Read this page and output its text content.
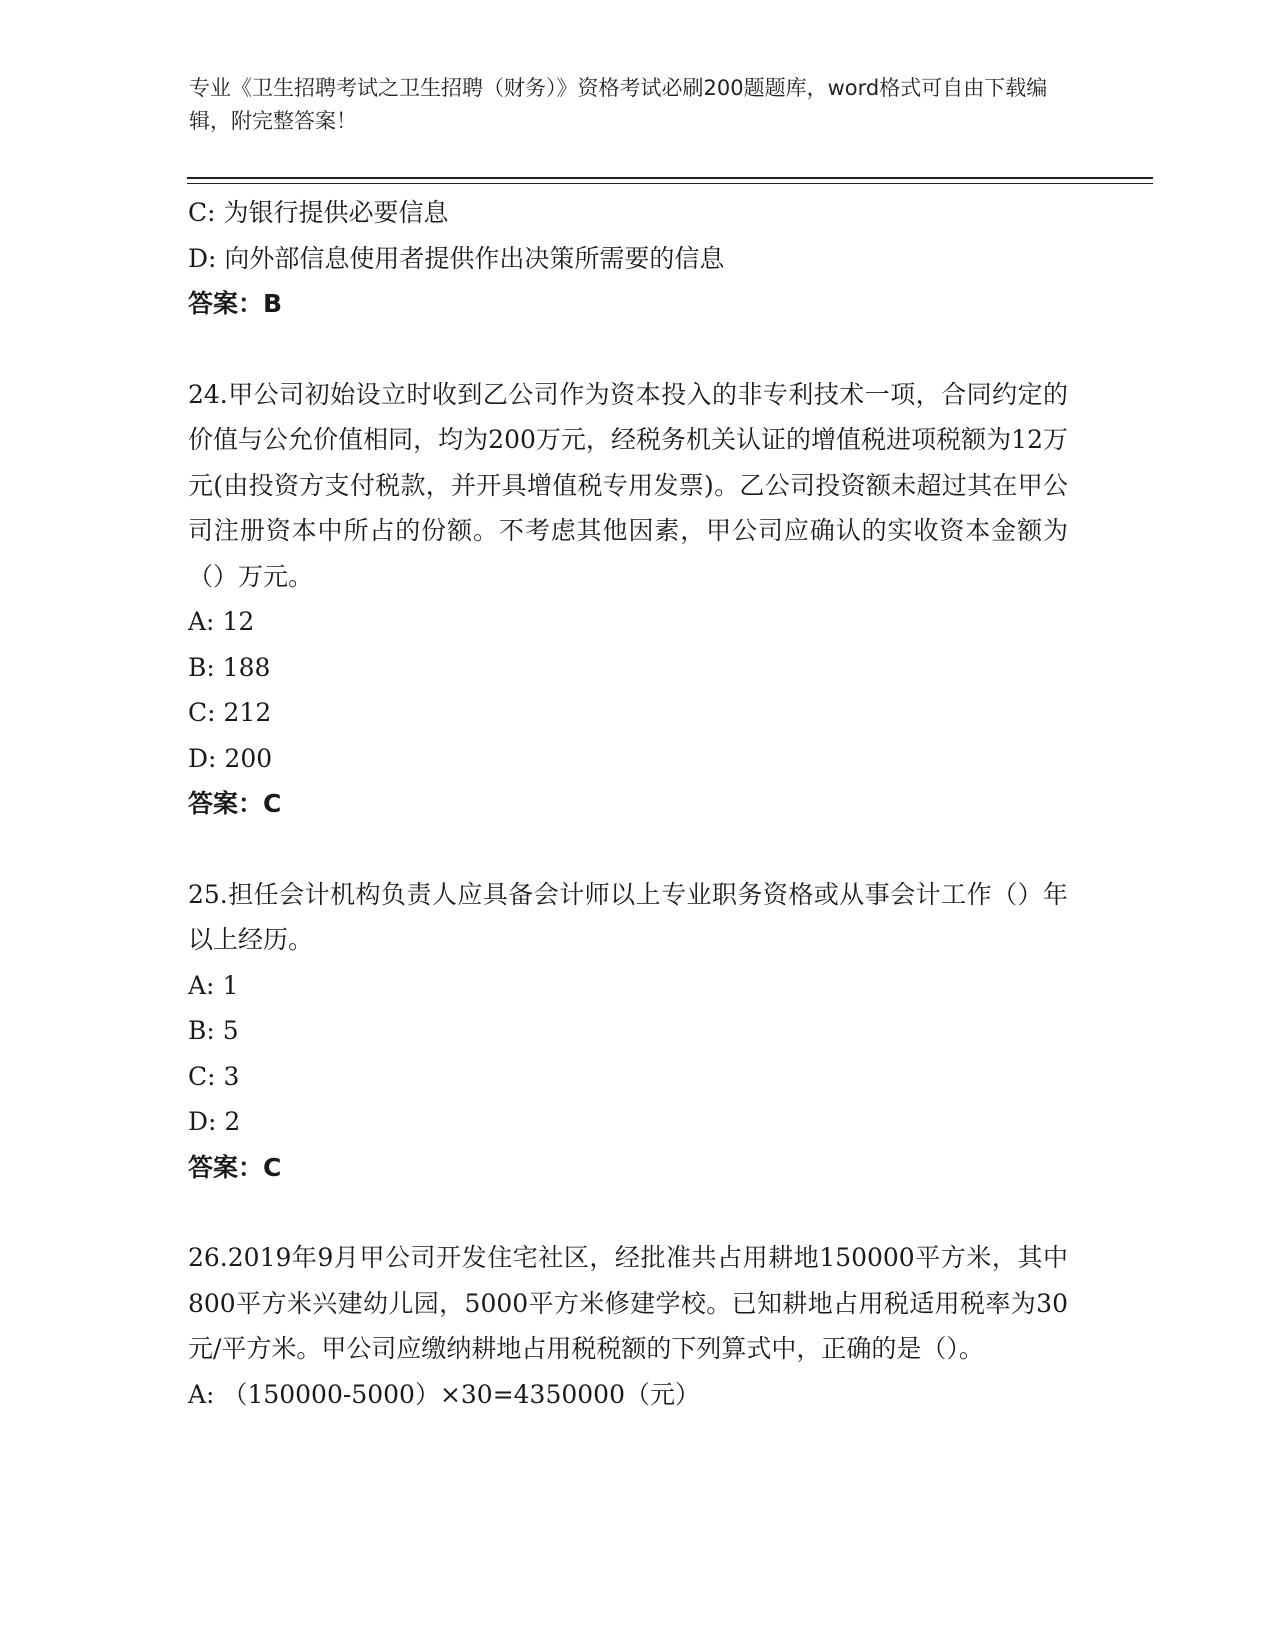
专业《卫生招聘考试之卫生招聘（财务）》资格考试必刷200题题库，word格式可自由下载编辑，附完整答案！
C: 为银行提供必要信息
D: 向外部信息使用者提供作出决策所需要的信息
答案：B
24.甲公司初始设立时收到乙公司作为资本投入的非专利技术一项，合同约定的价值与公允价值相同，均为200万元，经税务机关认证的增值税进项税额为12万元(由投资方支付税款，并开具增值税专用发票)。乙公司投资额未超过其在甲公司注册资本中所占的份额。不考虑其他因素，甲公司应确认的实收资本金额为（）万元。
A: 12
B: 188
C: 212
D: 200
答案：C
25.担任会计机构负责人应具备会计师以上专业职务资格或从事会计工作（）年以上经历。
A: 1
B: 5
C: 3
D: 2
答案：C
26.2019年9月甲公司开发住宅社区，经批准共占用耕地150000平方米，其中800平方米兴建幼儿园，5000平方米修建学校。已知耕地占用税适用税率为30元/平方米。甲公司应缴纳耕地占用税税额的下列算式中，正确的是（）。
A: （150000-5000）×30=4350000（元）
